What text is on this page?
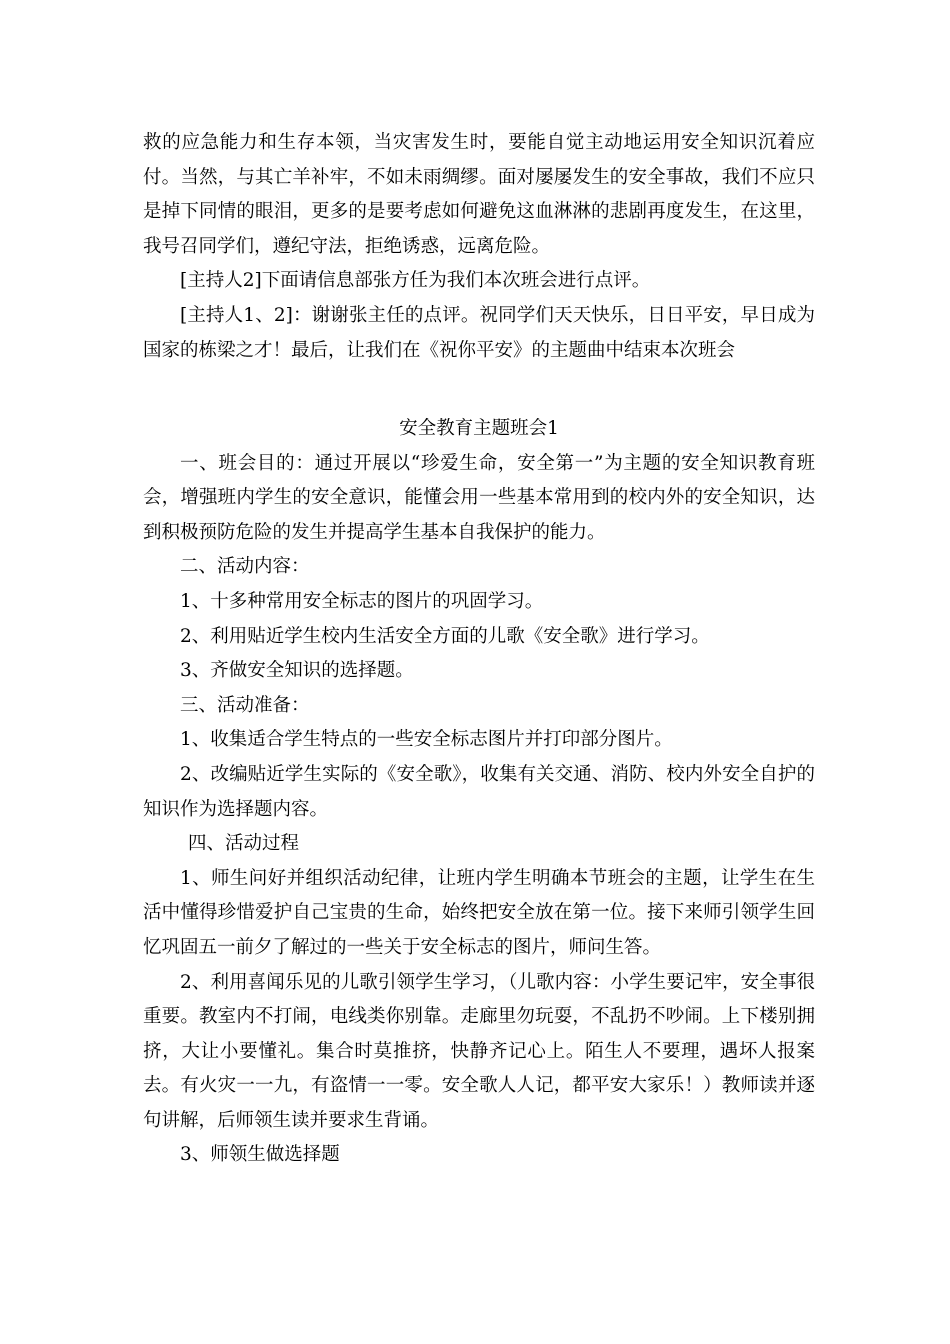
救的应急能力和生存本领，当灾害发生时，要能自觉主动地运用安全知识沉着应付。当然，与其亡羊补牢，不如未雨绸缪。面对屡屡发生的安全事故，我们不应只是掉下同情的眼泪，更多的是要考虑如何避免这血淋淋的悲剧再度发生，在这里，我号召同学们，遵纪守法，拒绝诱惑，远离危险。

[主持人2]下面请信息部张方任为我们本次班会进行点评。

[主持人1、2]：谢谢张主任的点评。祝同学们天天快乐，日日平安，早日成为国家的栋梁之才！最后，让我们在《祝你平安》的主题曲中结束本次班会

安全教育主题班会1

一、班会目的：通过开展以“珍爱生命，安全第一”为主题的安全知识教育班会，增强班内学生的安全意识，能懂会用一些基本常用到的校内外的安全知识，达到积极预防危险的发生并提高学生基本自我保护的能力。

二、活动内容：

1、十多种常用安全标志的图片的巩固学习。

2、利用贴近学生校内生活安全方面的儿歌《安全歌》进行学习。

3、齐做安全知识的选择题。

三、活动准备：

1、收集适合学生特点的一些安全标志图片并打印部分图片。

2、改编贴近学生实际的《安全歌》，收集有关交通、消防、校内外安全自护的知识作为选择题内容。

四、活动过程

1、师生问好并组织活动纪律，让班内学生明确本节班会的主题，让学生在生活中懂得珍惜爱护自己宝贵的生命，始终把安全放在第一位。接下来师引领学生回忆巩固五一前夕了解过的一些关于安全标志的图片，师问生答。

2、利用喜闻乐见的儿歌引领学生学习，（儿歌内容：小学生要记牢，安全事很重要。教室内不打闹，电线类你别靠。走廊里勿玩耍，不乱扔不吵闹。上下楼别拥挤，大让小要懂礼。集合时莫推挤，快静齐记心上。陌生人不要理，遇坏人报案去。有火灾一一九，有盗情一一零。安全歌人人记，都平安大家乐！）教师读并逐句讲解，后师领生读并要求生背诵。

3、师领生做选择题
